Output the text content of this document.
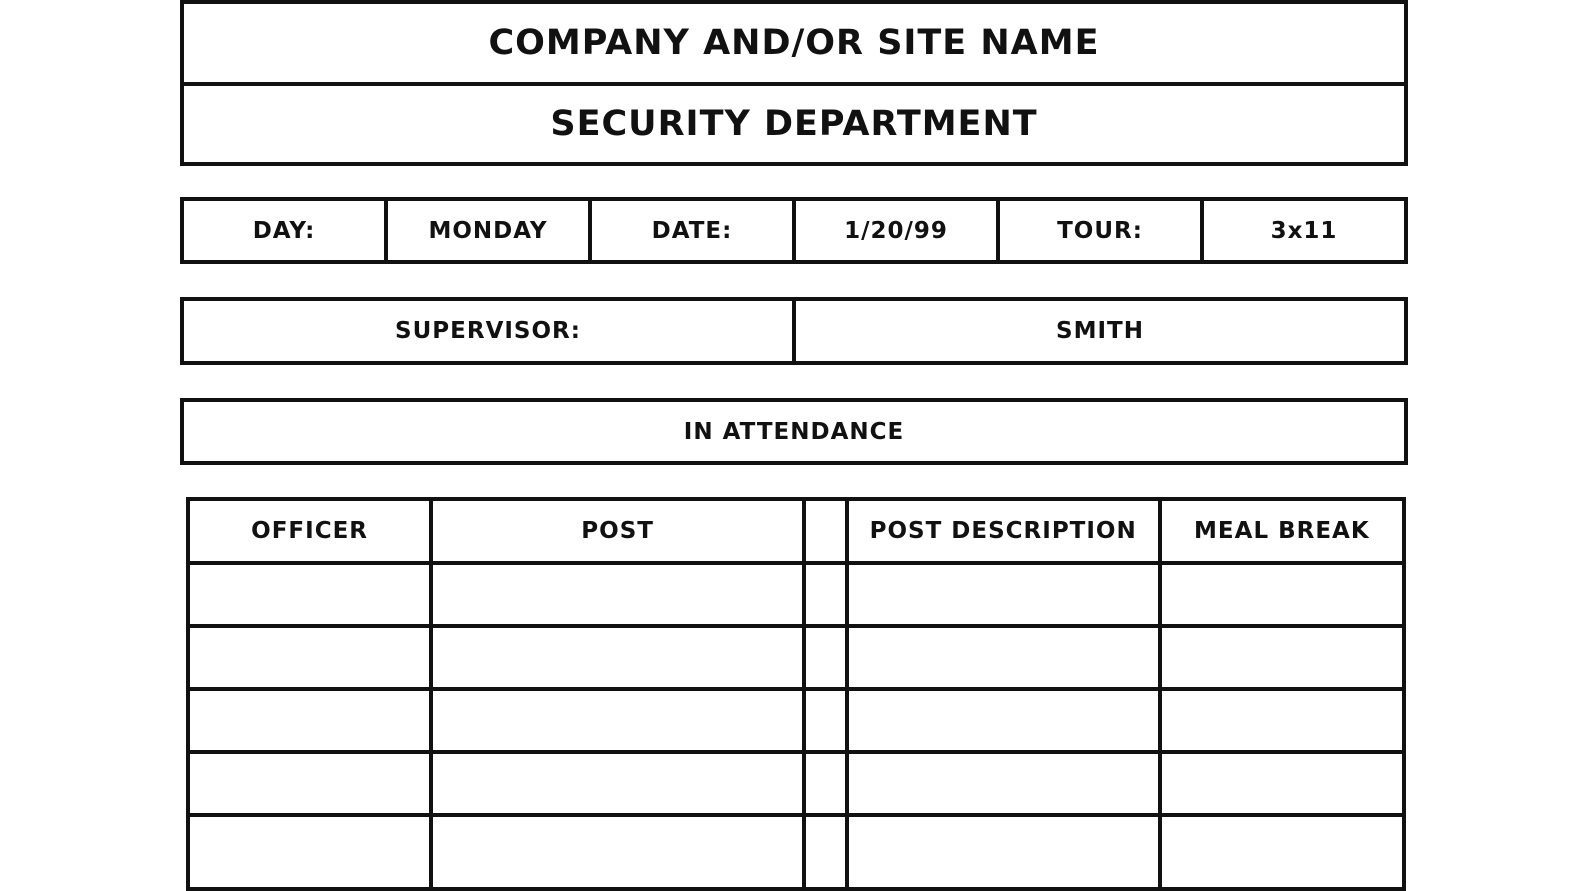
COMPANY AND/OR SITE NAME
SECURITY DEPARTMENT
DAY:	MONDAY	DATE:	1/20/99	TOUR:	3x11
SUPERVISOR:	SMITH
IN ATTENDANCE
OFFICER	POST		POST DESCRIPTION	MEAL BREAK
